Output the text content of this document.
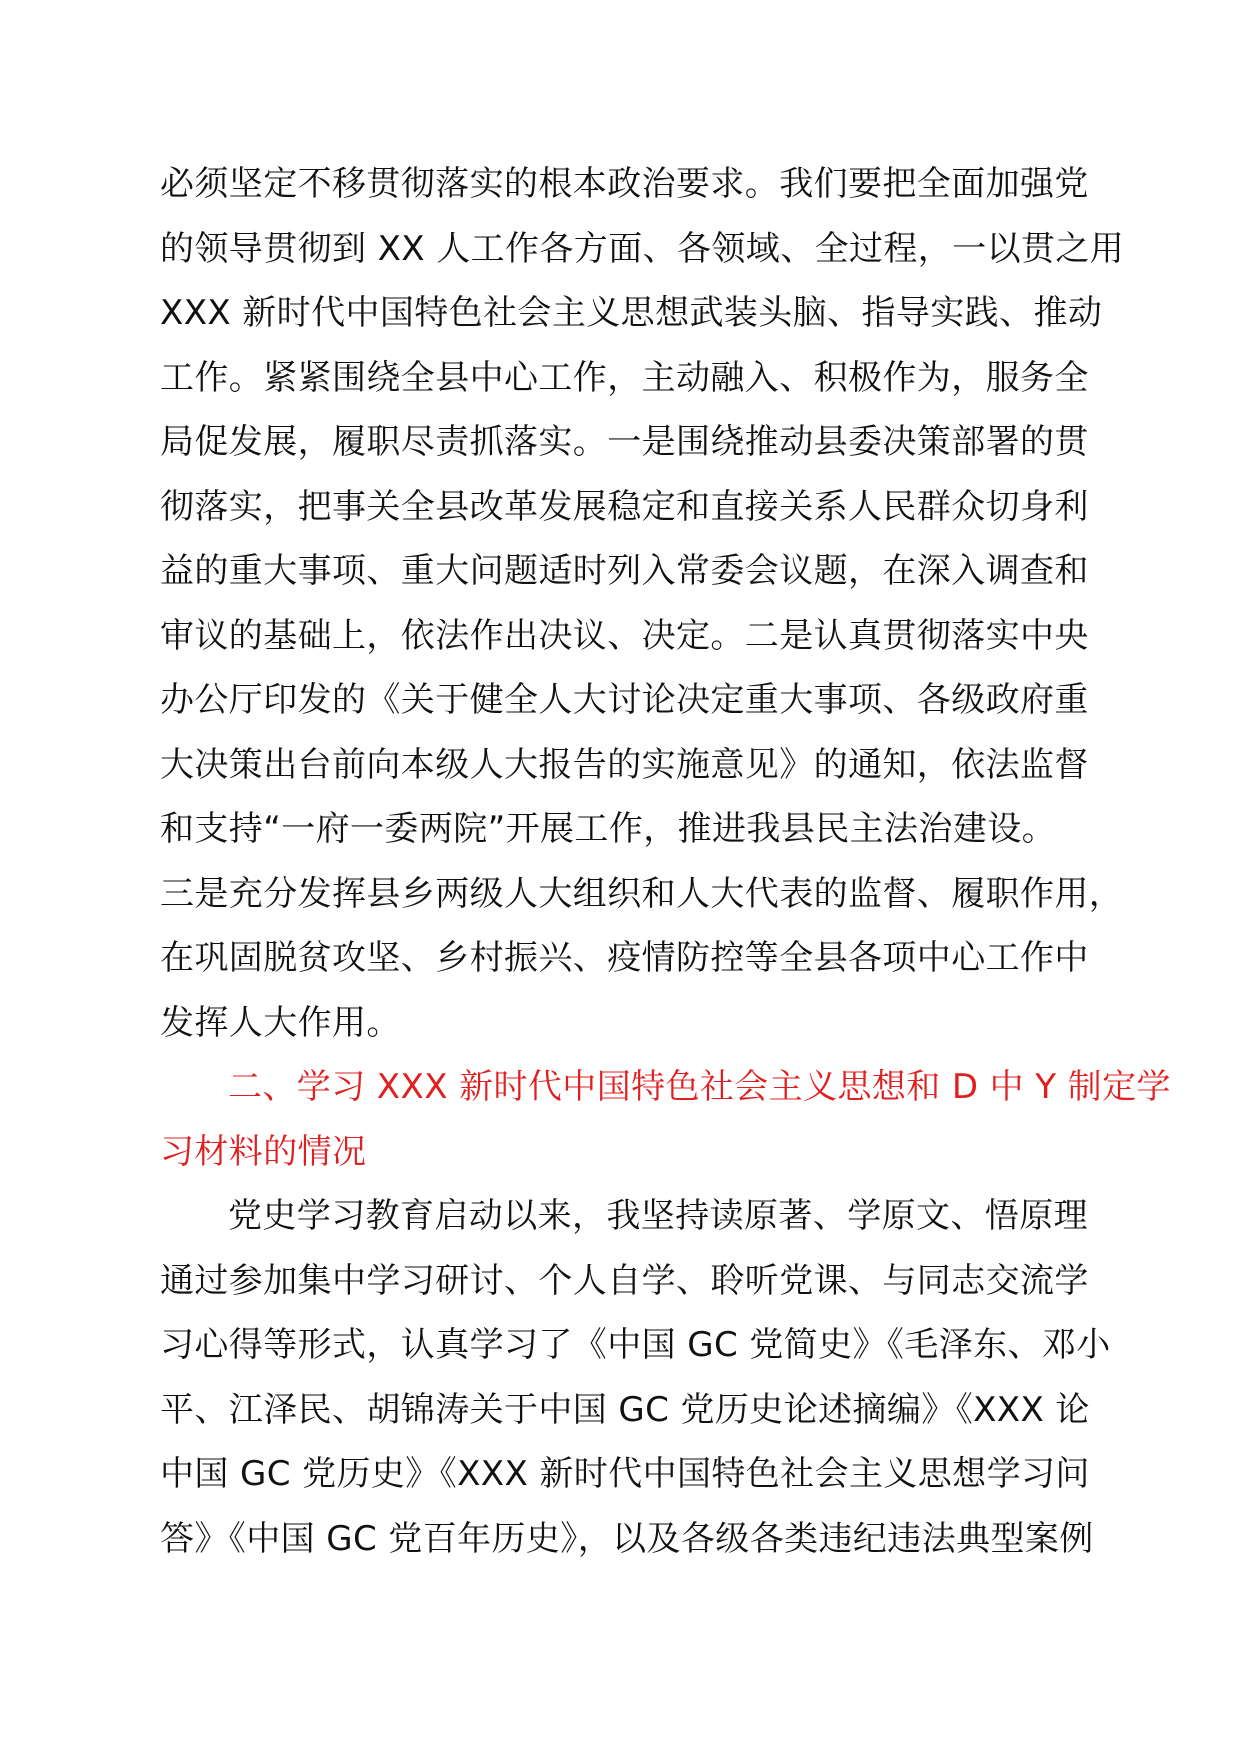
必须坚定不移贯彻落实的根本政治要求。我们要把全面加强党
的领导贯彻到 XX 人工作各方面、各领域、全过程，一以贯之用
XXX 新时代中国特色社会主义思想武装头脑、指导实践、推动
工作。紧紧围绕全县中心工作，主动融入、积极作为，服务全
局促发展，履职尽责抓落实。一是围绕推动县委决策部署的贯
彻落实，把事关全县改革发展稳定和直接关系人民群众切身利
益的重大事项、重大问题适时列入常委会议题，在深入调查和
审议的基础上，依法作出决议、决定。二是认真贯彻落实中央
办公厅印发的《关于健全人大讨论决定重大事项、各级政府重
大决策出台前向本级人大报告的实施意见》的通知，依法监督
和支持“一府一委两院”开展工作，推进我县民主法治建设。
三是充分发挥县乡两级人大组织和人大代表的监督、履职作用，
在巩固脱贫攻坚、乡村振兴、疫情防控等全县各项中心工作中
发挥人大作用。
二、学习 XXX 新时代中国特色社会主义思想和 D 中 Y 制定学
习材料的情况
党史学习教育启动以来，我坚持读原著、学原文、悟原理
通过参加集中学习研讨、个人自学、聆听党课、与同志交流学
习心得等形式，认真学习了《中国 GC 党简史》《毛泽东、邓小
平、江泽民、胡锦涛关于中国 GC 党历史论述摘编》《XXX 论
中国 GC 党历史》《XXX 新时代中国特色社会主义思想学习问
答》《中国 GC 党百年历史》，以及各级各类违纪违法典型案例
